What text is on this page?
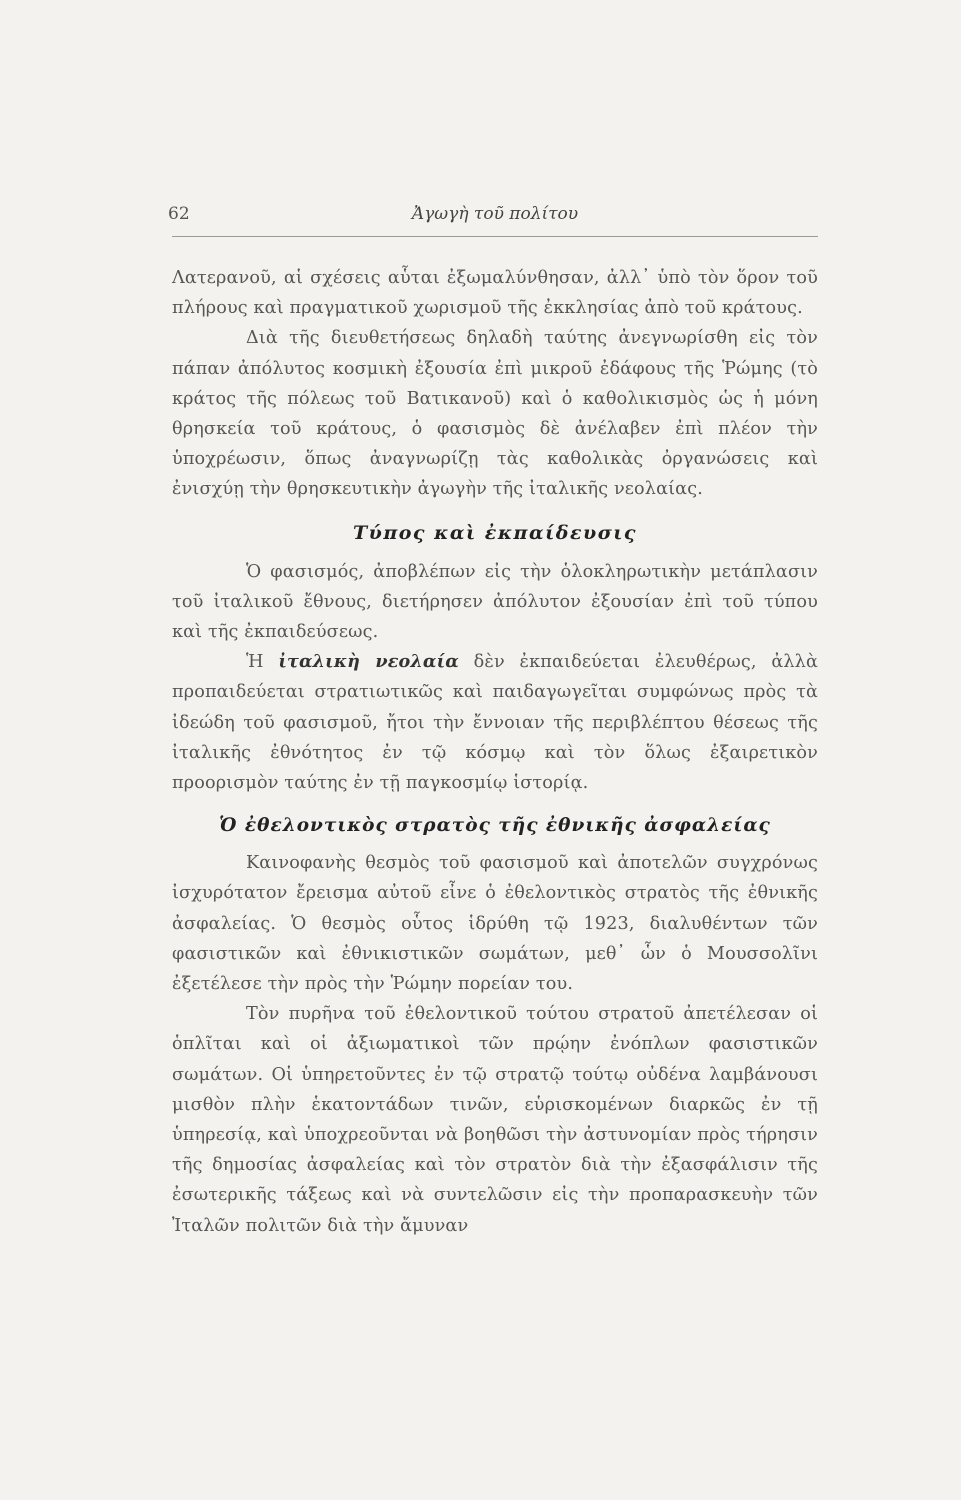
62	Ἀγωγὴ τοῦ πολίτου

Λατερανοῦ, αἱ σχέσεις αὗται ἐξωμαλύνθησαν, ἀλλ᾿ ὑπὸ τὸν ὅρον τοῦ πλήρους καὶ πραγματικοῦ χωρισμοῦ τῆς ἐκκλησίας ἀπὸ τοῦ κράτους.

Διὰ τῆς διευθετήσεως δηλαδὴ ταύτης ἀνεγνωρίσθη εἰς τὸν πάπαν ἀπόλυτος κοσμικὴ ἐξουσία ἐπὶ μικροῦ ἐδάφους τῆς Ῥώμης (τὸ κράτος τῆς πόλεως τοῦ Βατικανοῦ) καὶ ὁ καθολικισμὸς ὡς ἡ μόνη θρησκεία τοῦ κράτους, ὁ φασισμὸς δὲ ἀνέλαβεν ἐπὶ πλέον τὴν ὑποχρέωσιν, ὅπως ἀναγνωρίζῃ τὰς καθολικὰς ὀργανώσεις καὶ ἐνισχύῃ τὴν θρησκευτικὴν ἀγωγὴν τῆς ἰταλικῆς νεολαίας.

Τύπος καὶ ἐκπαίδευσις

Ὁ φασισμός, ἀποβλέπων εἰς τὴν ὁλοκληρωτικὴν μετάπλασιν τοῦ ἰταλικοῦ ἔθνους, διετήρησεν ἀπόλυτον ἐξουσίαν ἐπὶ τοῦ τύπου καὶ τῆς ἐκπαιδεύσεως.

Ἡ ἰταλικὴ νεολαία δὲν ἐκπαιδεύεται ἐλευθέρως, ἀλλὰ προπαιδεύεται στρατιωτικῶς καὶ παιδαγωγεῖται συμφώνως πρὸς τὰ ἰδεώδη τοῦ φασισμοῦ, ἤτοι τὴν ἔννοιαν τῆς περιβλέπτου θέσεως τῆς ἰταλικῆς ἐθνότητος ἐν τῷ κόσμῳ καὶ τὸν ὅλως ἐξαιρετικὸν προορισμὸν ταύτης ἐν τῇ παγκοσμίῳ ἱστορίᾳ.

Ὁ ἐθελοντικὸς στρατὸς τῆς ἐθνικῆς ἀσφαλείας

Καινοφανὴς θεσμὸς τοῦ φασισμοῦ καὶ ἀποτελῶν συγχρόνως ἰσχυρότατον ἔρεισμα αὐτοῦ εἶνε ὁ ἐθελοντικὸς στρατὸς τῆς ἐθνικῆς ἀσφαλείας. Ὁ θεσμὸς οὗτος ἱδρύθη τῷ 1923, διαλυθέντων τῶν φασιστικῶν καὶ ἐθνικιστικῶν σωμάτων, μεθ᾿ ὧν ὁ Μουσσολῖνι ἐξετέλεσε τὴν πρὸς τὴν Ῥώμην πορείαν του.

Τὸν πυρῆνα τοῦ ἐθελοντικοῦ τούτου στρατοῦ ἀπετέλεσαν οἱ ὁπλῖται καὶ οἱ ἀξιωματικοὶ τῶν πρῴην ἐνόπλων φασιστικῶν σωμάτων. Οἱ ὑπηρετοῦντες ἐν τῷ στρατῷ τούτῳ οὐδένα λαμβάνουσι μισθὸν πλὴν ἑκατοντάδων τινῶν, εὑρισκομένων διαρκῶς ἐν τῇ ὑπηρεσίᾳ, καὶ ὑποχρεοῦνται νὰ βοηθῶσι τὴν ἀστυνομίαν πρὸς τήρησιν τῆς δημοσίας ἀσφαλείας καὶ τὸν στρατὸν διὰ τὴν ἐξασφάλισιν τῆς ἐσωτερικῆς τάξεως καὶ νὰ συντελῶσιν εἰς τὴν προπαρασκευὴν τῶν Ἰταλῶν πολιτῶν διὰ τὴν ἄμυναν
